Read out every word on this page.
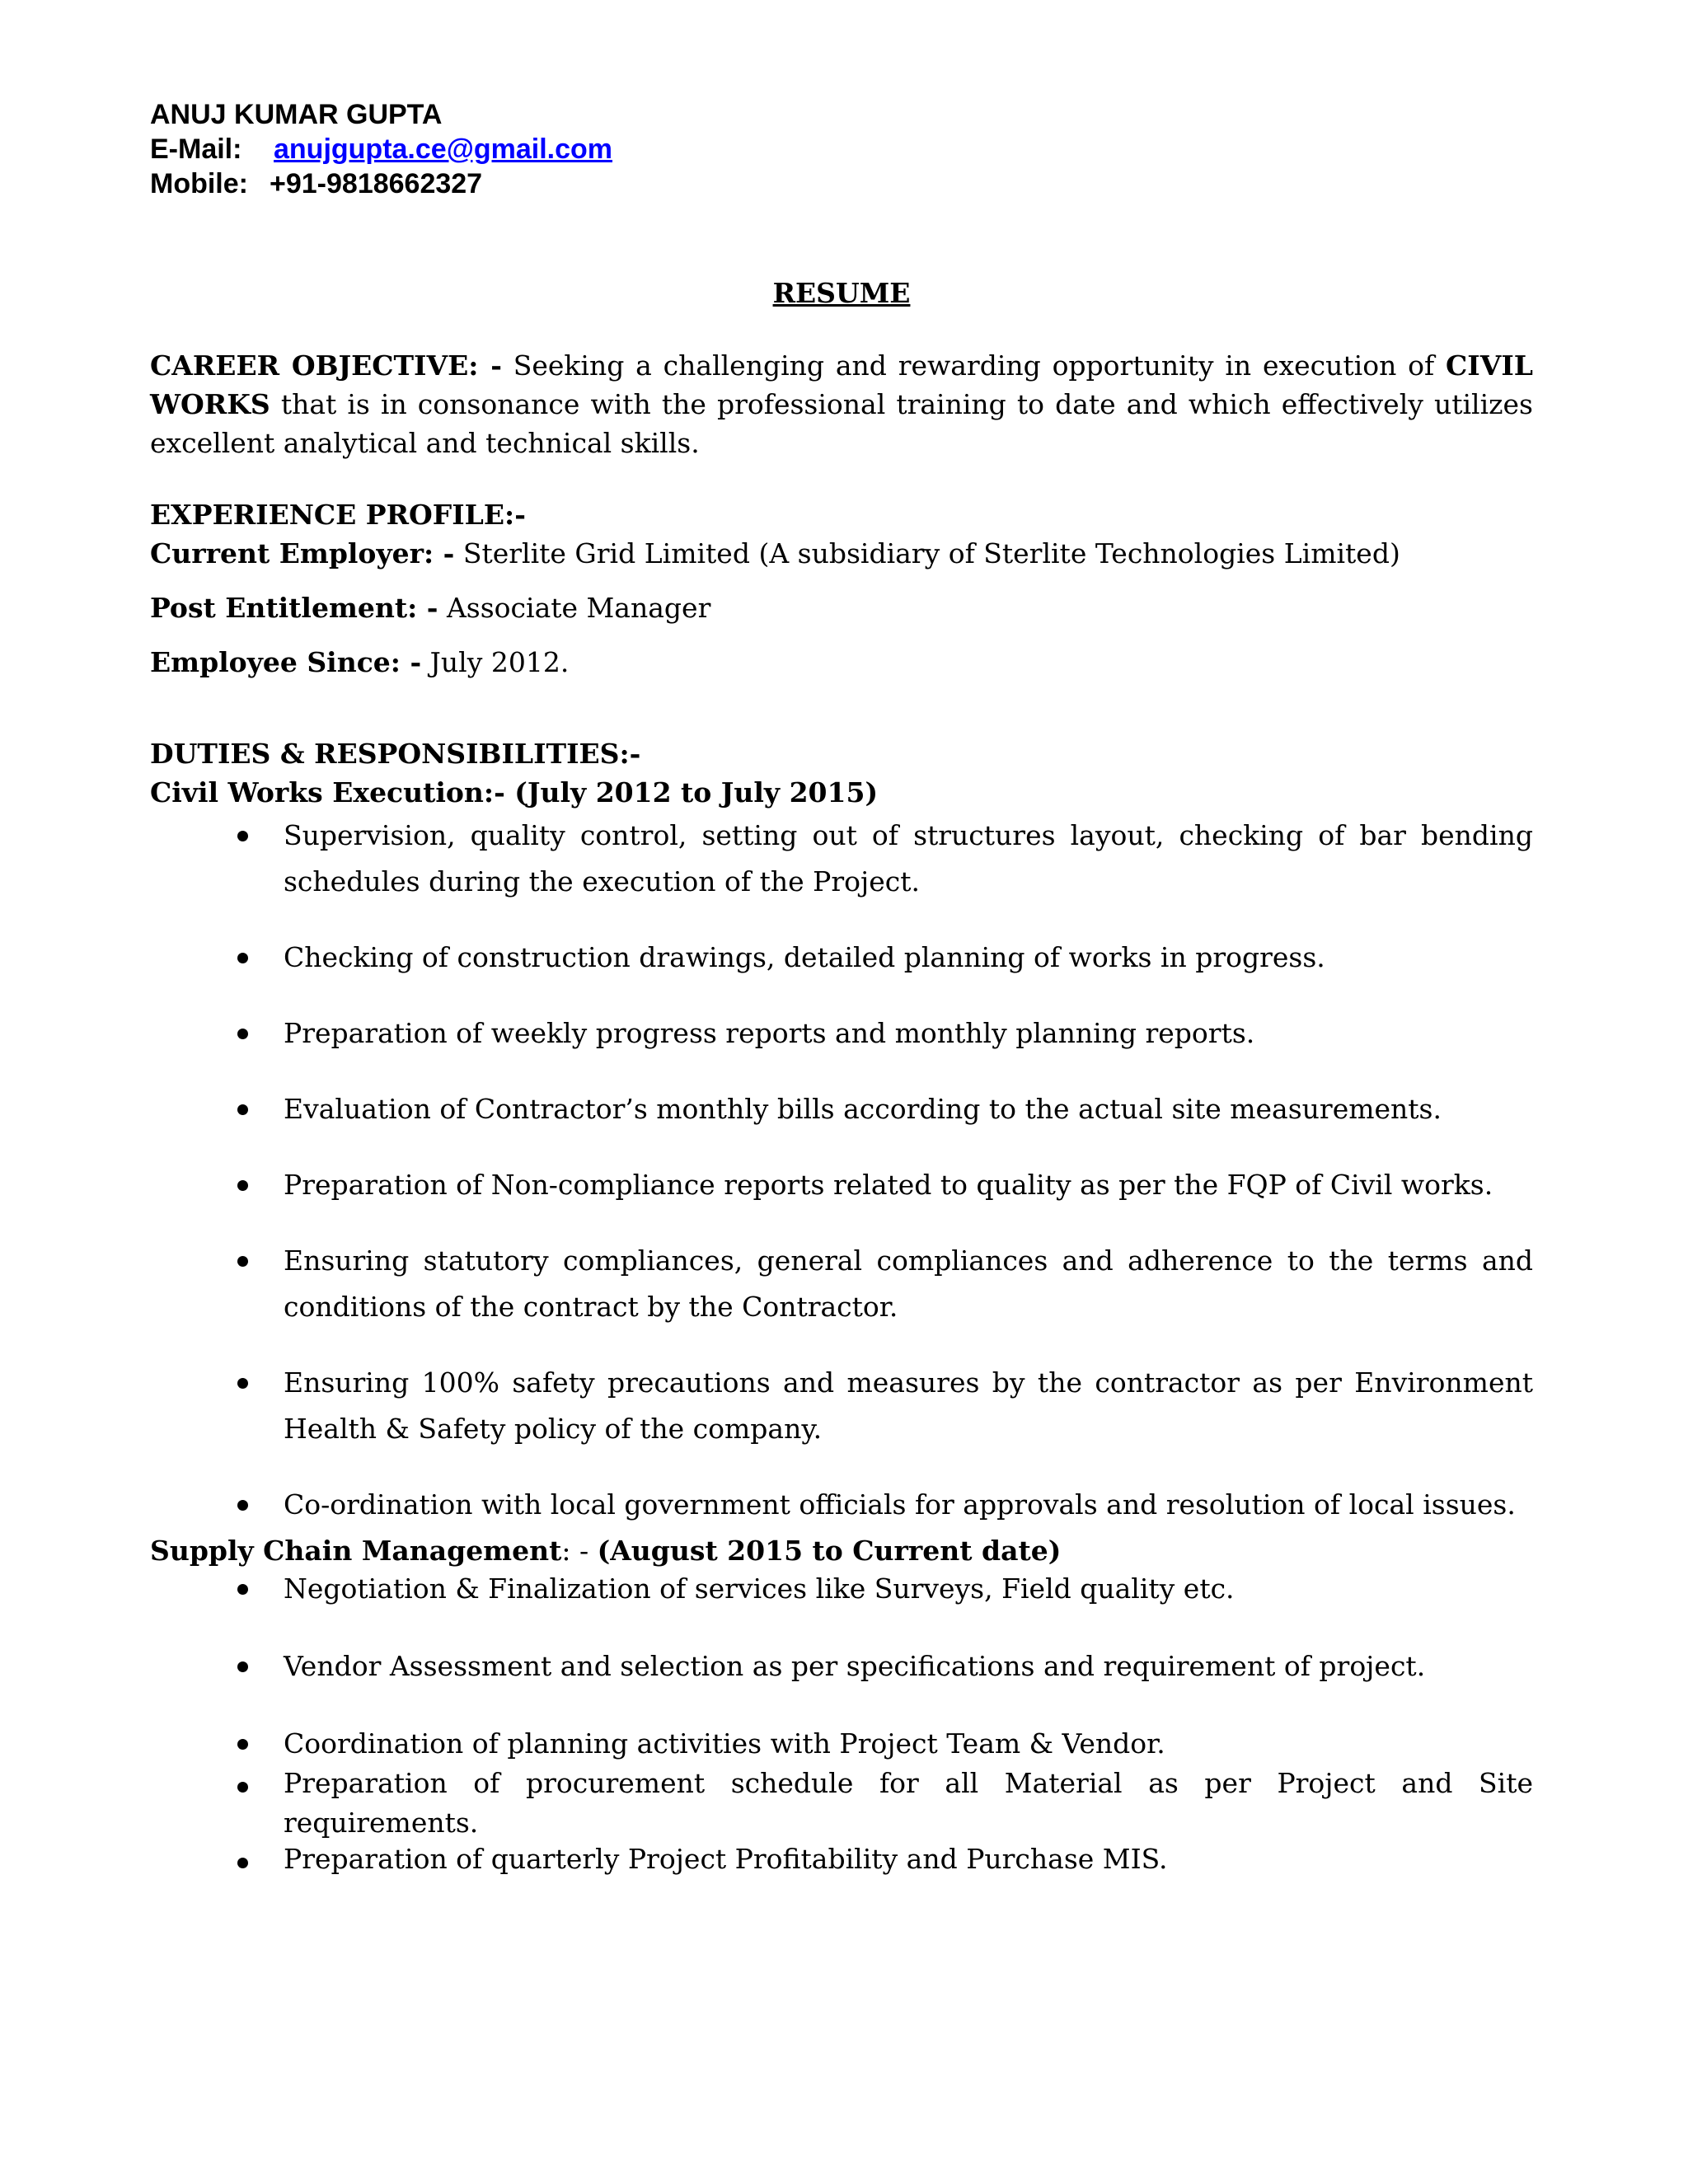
ANUJ KUMAR GUPTA
E-Mail: anujgupta.ce@gmail.com
Mobile: +91-9818662327
RESUME
CAREER OBJECTIVE: - Seeking a challenging and rewarding opportunity in execution of CIVIL WORKS that is in consonance with the professional training to date and which effectively utilizes excellent analytical and technical skills.
EXPERIENCE PROFILE:-
Current Employer: - Sterlite Grid Limited (A subsidiary of Sterlite Technologies Limited)
Post Entitlement: - Associate Manager
Employee Since: - July 2012.
DUTIES & RESPONSIBILITIES:-
Civil Works Execution:- (July 2012 to July 2015)
Supervision, quality control, setting out of structures layout, checking of bar bending schedules during the execution of the Project.
Checking of construction drawings, detailed planning of works in progress.
Preparation of weekly progress reports and monthly planning reports.
Evaluation of Contractor’s monthly bills according to the actual site measurements.
Preparation of Non-compliance reports related to quality as per the FQP of Civil works.
Ensuring statutory compliances, general compliances and adherence to the terms and conditions of the contract by the Contractor.
Ensuring 100% safety precautions and measures by the contractor as per Environment Health & Safety policy of the company.
Co-ordination with local government officials for approvals and resolution of local issues.
Supply Chain Management: - (August 2015 to Current date)
Negotiation & Finalization of services like Surveys, Field quality etc.
Vendor Assessment and selection as per specifications and requirement of project.
Coordination of planning activities with Project Team & Vendor.
Preparation of procurement schedule for all Material as per Project and Site requirements.
Preparation of quarterly Project Profitability and Purchase MIS.
